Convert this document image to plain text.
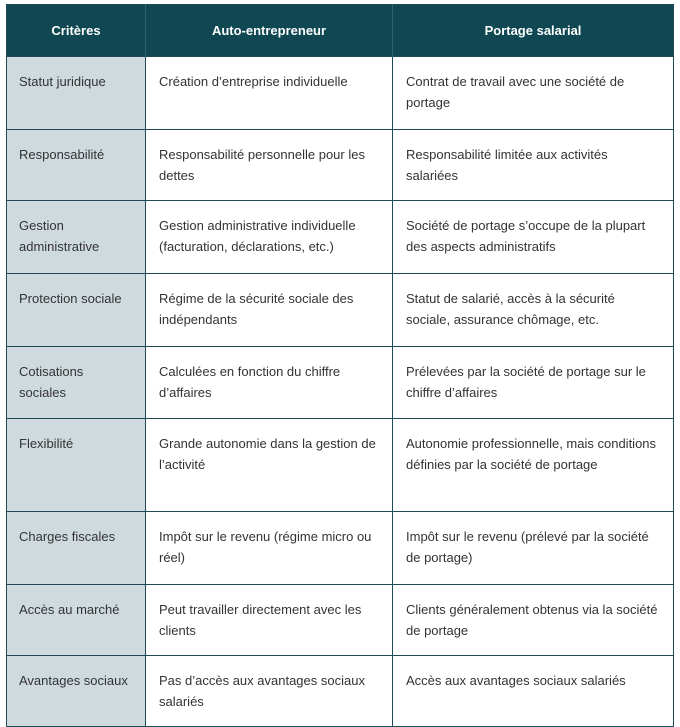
Critères	Auto-entrepreneur	Portage salarial
Statut juridique	Création d’entreprise individuelle	Contrat de travail avec une société de portage
Responsabilité	Responsabilité personnelle pour les dettes	Responsabilité limitée aux activités salariées
Gestion administrative	Gestion administrative individuelle (facturation, déclarations, etc.)	Société de portage s’occupe de la plupart des aspects administratifs
Protection sociale	Régime de la sécurité sociale des indépendants	Statut de salarié, accès à la sécurité sociale, assurance chômage, etc.
Cotisations sociales	Calculées en fonction du chiffre d’affaires	Prélevées par la société de portage sur le chiffre d’affaires
Flexibilité	Grande autonomie dans la gestion de l’activité	Autonomie professionnelle, mais conditions définies par la société de portage
Charges fiscales	Impôt sur le revenu (régime micro ou réel)	Impôt sur le revenu (prélevé par la société de portage)
Accès au marché	Peut travailler directement avec les clients	Clients généralement obtenus via la société de portage
Avantages sociaux	Pas d’accès aux avantages sociaux salariés	Accès aux avantages sociaux salariés
